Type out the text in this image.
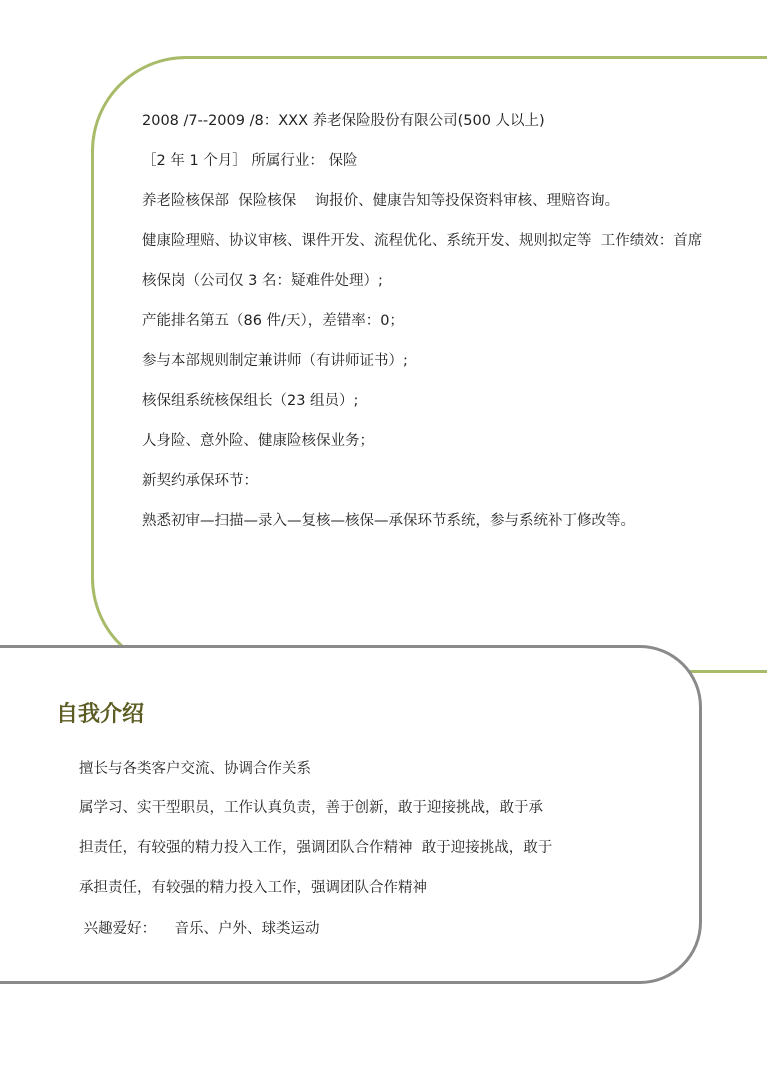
2008 /7--2009 /8：XXX 养老保险股份有限公司(500 人以上)
［2 年 1 个月］ 所属行业： 保险
养老险核保部  保险核保    询报价、健康告知等投保资料审核、理赔咨询。
健康险理赔、协议审核、课件开发、流程优化、系统开发、规则拟定等  工作绩效：首席
核保岗（公司仅 3 名：疑难件处理）;
产能排名第五（86 件/天），差错率：0；
参与本部规则制定兼讲师（有讲师证书）;
核保组系统核保组长（23 组员）;
人身险、意外险、健康险核保业务；
新契约承保环节：
熟悉初审—扫描—录入—复核—核保—承保环节系统，参与系统补丁修改等。
自我介绍
擅长与各类客户交流、协调合作关系
属学习、实干型职员，工作认真负责，善于创新，敢于迎接挑战，敢于承
担责任，有较强的精力投入工作，强调团队合作精神  敢于迎接挑战，敢于
承担责任，有较强的精力投入工作，强调团队合作精神
兴趣爱好：    音乐、户外、球类运动
